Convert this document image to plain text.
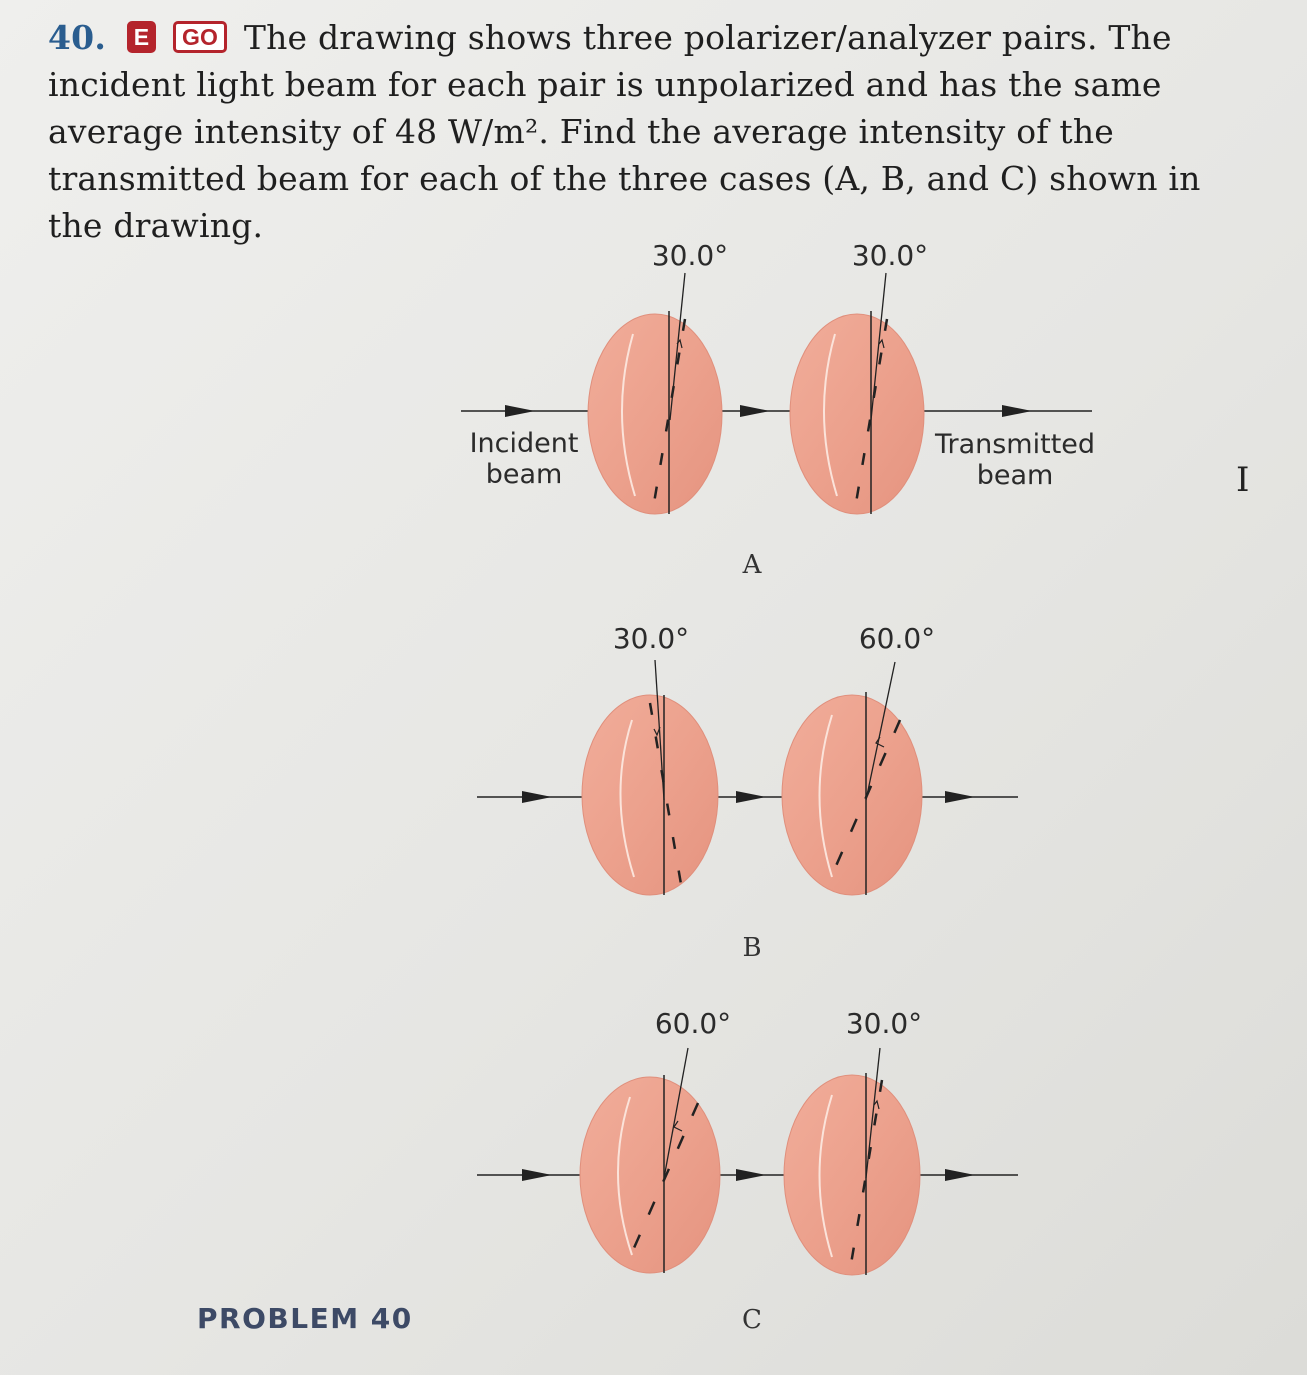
40. E GO The drawing shows three polarizer/analyzer pairs. The incident light beam for each pair is unpolarized and has the same average intensity of 48 W/m². Find the average intensity of the transmitted beam for each of the three cases (A, B, and C) shown in the drawing.
Incident
beam
Transmitted
beam
30.0°	30.0°
A
30.0°	60.0°
B
60.0°	30.0°
C
PROBLEM 40
I
